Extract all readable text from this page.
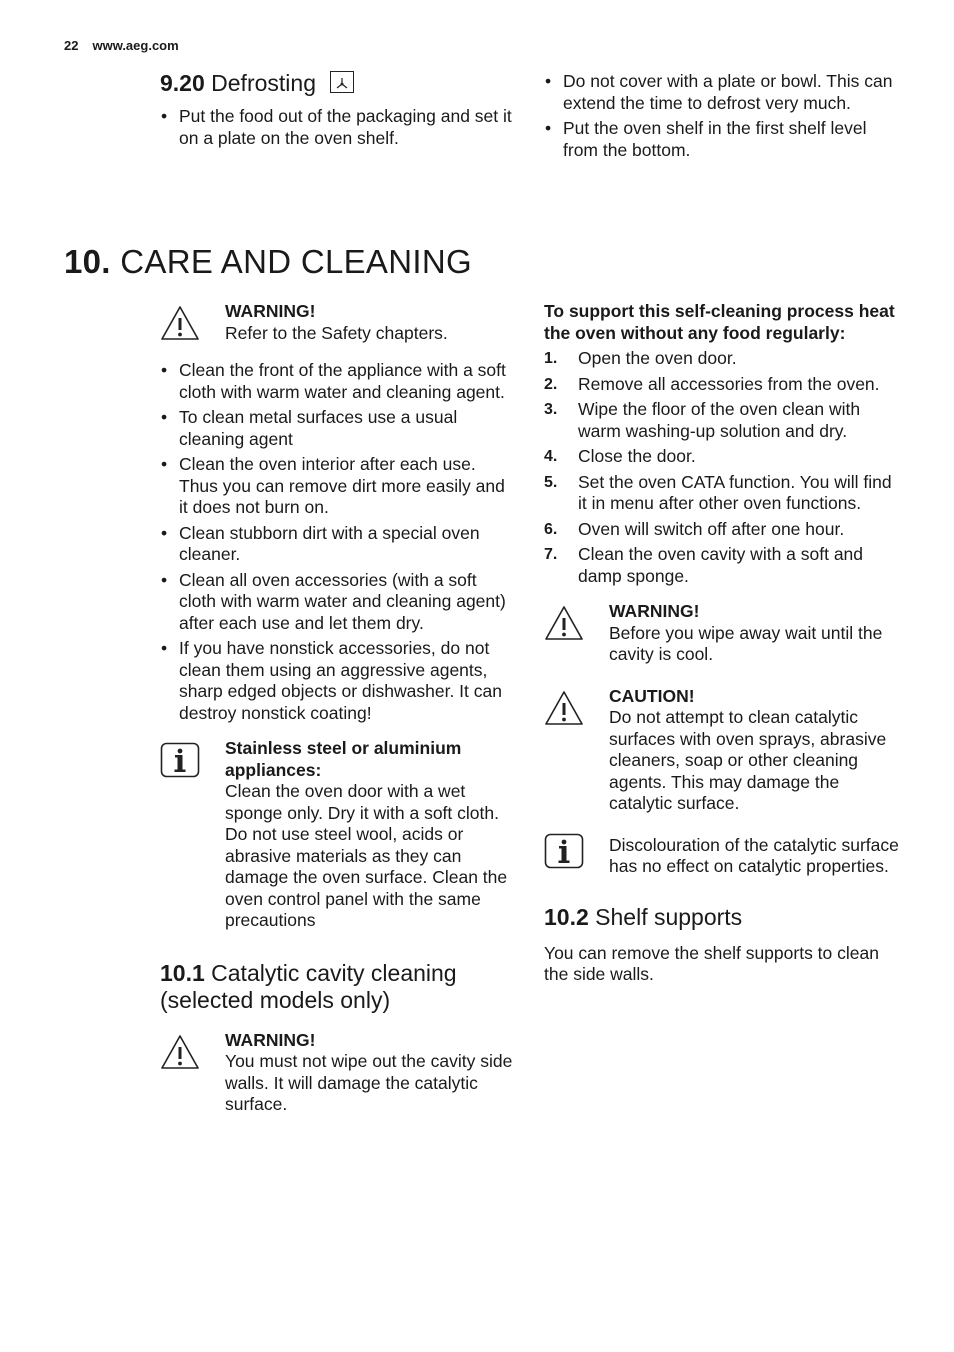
22 www.aeg.com
9.20 Defrosting
• Put the food out of the packaging and set it on a plate on the oven shelf.
• Do not cover with a plate or bowl. This can extend the time to defrost very much.
• Put the oven shelf in the first shelf level from the bottom.
10. CARE AND CLEANING
WARNING!
Refer to the Safety chapters.
• Clean the front of the appliance with a soft cloth with warm water and cleaning agent.
• To clean metal surfaces use a usual cleaning agent
• Clean the oven interior after each use. Thus you can remove dirt more easily and it does not burn on.
• Clean stubborn dirt with a special oven cleaner.
• Clean all oven accessories (with a soft cloth with warm water and cleaning agent) after each use and let them dry.
• If you have nonstick accessories, do not clean them using an aggressive agents, sharp edged objects or dishwasher. It can destroy nonstick coating!
Stainless steel or aluminium appliances:
Clean the oven door with a wet sponge only. Dry it with a soft cloth.
Do not use steel wool, acids or abrasive materials as they can damage the oven surface. Clean the oven control panel with the same precautions
10.1 Catalytic cavity cleaning (selected models only)
WARNING!
You must not wipe out the cavity side walls. It will damage the catalytic surface.

To support this self-cleaning process heat the oven without any food regularly:

1. Open the oven door.
2. Remove all accessories from the oven.
3. Wipe the floor of the oven clean with warm washing-up solution and dry.
4. Close the door.
5. Set the oven CATA function. You will find it in menu after other oven functions.
6. Oven will switch off after one hour.
7. Clean the oven cavity with a soft and damp sponge.
WARNING!
Before you wipe away wait until the cavity is cool.
CAUTION!
Do not attempt to clean catalytic surfaces with oven sprays, abrasive cleaners, soap or other cleaning agents. This may damage the catalytic surface.
Discolouration of the catalytic surface has no effect on catalytic properties.
10.2 Shelf supports

You can remove the shelf supports to clean the side walls.
